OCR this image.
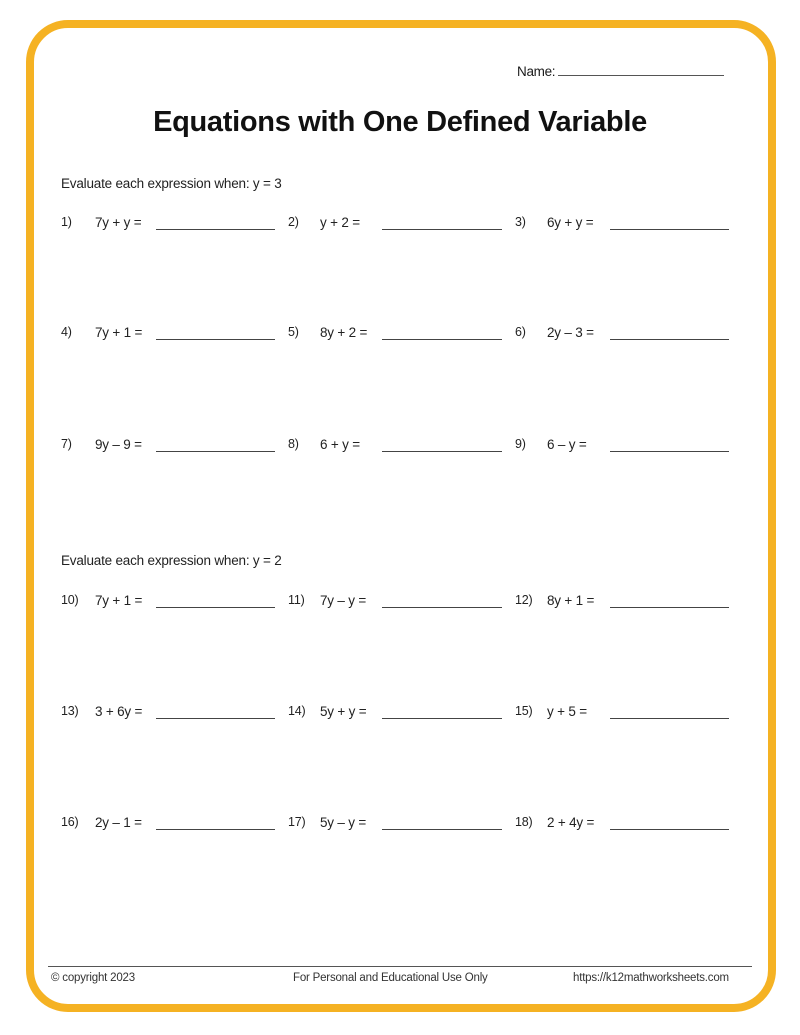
Name:
Equations with One Defined Variable
Evaluate each expression when: y = 3
Evaluate each expression when: y = 2
1) 7y + y =	2) y + 2 =	3) 6y + y =
4) 7y + 1 =	5) 8y + 2 =	6) 2y – 3 =
7) 9y – 9 =	8) 6 + y =	9) 6 – y =
10) 7y + 1 =	11) 7y – y =	12) 8y + 1 =
13) 3 + 6y =	14) 5y + y =	15) y + 5 =
16) 2y – 1 =	17) 5y – y =	18) 2 + 4y =
© copyright 2023	For Personal and Educational Use Only	https://k12mathworksheets.com
